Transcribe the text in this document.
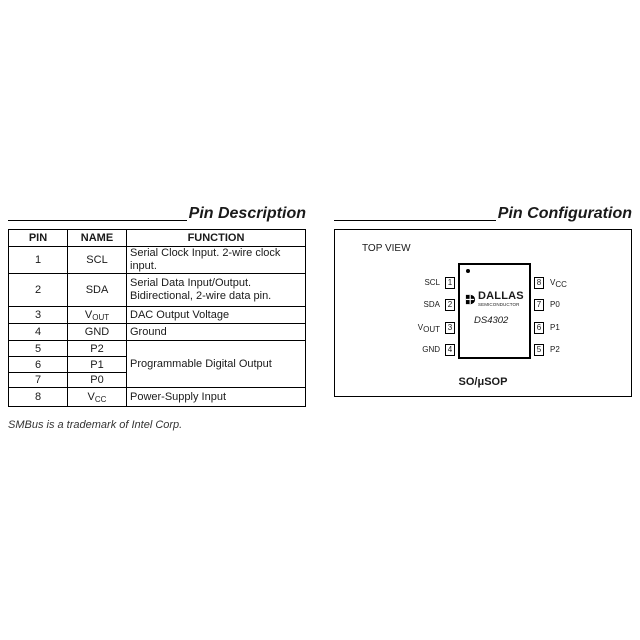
Pin Description
PIN	NAME	FUNCTION
1	SCL	Serial Clock Input. 2-wire clock input.
2	SDA	Serial Data Input/Output. Bidirectional, 2-wire data pin.
3	$V_{OUT}$	DAC Output Voltage
4	GND	Ground
5	P2	Programmable Digital Output
6	P1	
7	P0	
8	$V_{CC}$	Power-Supply Input
SMBus is a trademark of Intel Corp.
Pin Configuration
TOP VIEW
SCL 1
SDA 2
$V_{OUT}$ 3
GND 4
DALLAS
SEMICONDUCTOR
DS4302
8	$V_{CC}$
7	P0
6	P1
5	P2
SO/μSOP
